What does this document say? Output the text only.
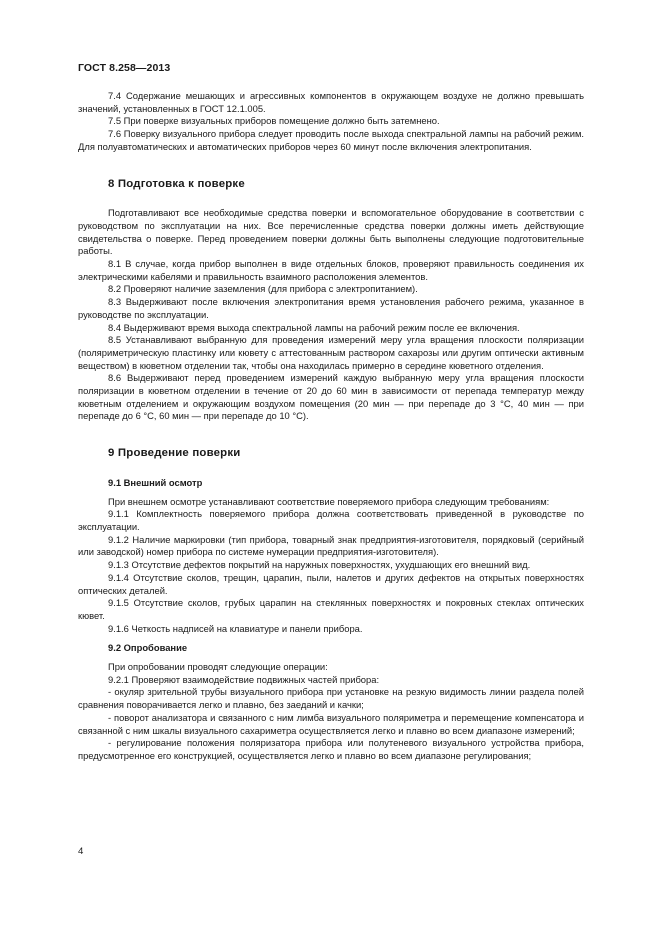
ГОСТ 8.258—2013

7.4 Содержание мешающих и агрессивных компонентов в окружающем воздухе не должно превышать значений, установленных в ГОСТ 12.1.005.

7.5 При поверке визуальных приборов помещение должно быть затемнено.

7.6 Поверку визуального прибора следует проводить после выхода спектральной лампы на рабочий режим. Для полуавтоматических и автоматических приборов через 60 минут после включения электропитания.

8 Подготовка к поверке

Подготавливают все необходимые средства поверки и вспомогательное оборудование в соответствии с руководством по эксплуатации на них. Все перечисленные средства поверки должны иметь действующие свидетельства о поверке. Перед проведением поверки должны быть выполнены следующие подготовительные работы.

8.1 В случае, когда прибор выполнен в виде отдельных блоков, проверяют правильность соединения их электрическими кабелями и правильность взаимного расположения элементов.

8.2 Проверяют наличие заземления (для прибора с электропитанием).

8.3 Выдерживают после включения электропитания время установления рабочего режима, указанное в руководстве по эксплуатации.

8.4 Выдерживают время выхода спектральной лампы на рабочий режим после ее включения.

8.5 Устанавливают выбранную для проведения измерений меру угла вращения плоскости поляризации (поляриметрическую пластинку или кювету с аттестованным раствором сахарозы или другим оптически активным веществом) в кюветном отделении так, чтобы она находилась примерно в середине кюветного отделения.

8.6 Выдерживают перед проведением измерений каждую выбранную меру угла вращения плоскости поляризации в кюветном отделении в течение от 20 до 60 мин в зависимости от перепада температур между кюветным отделением и окружающим воздухом помещения (20 мин — при перепаде до 3 °С, 40 мин — при перепаде до 6 °С, 60 мин — при перепаде до 10 °С).

9 Проведение поверки
9.1 Внешний осмотр

При внешнем осмотре устанавливают соответствие поверяемого прибора следующим требованиям:

9.1.1 Комплектность поверяемого прибора должна соответствовать приведенной в руководстве по эксплуатации.

9.1.2 Наличие маркировки (тип прибора, товарный знак предприятия-изготовителя, порядковый (серийный или заводской) номер прибора по системе нумерации предприятия-изготовителя).

9.1.3 Отсутствие дефектов покрытий на наружных поверхностях, ухудшающих его внешний вид.

9.1.4 Отсутствие сколов, трещин, царапин, пыли, налетов и других дефектов на открытых поверхностях оптических деталей.

9.1.5 Отсутствие сколов, грубых царапин на стеклянных поверхностях и покровных стеклах оптических кювет.

9.1.6 Четкость надписей на клавиатуре и панели прибора.

9.2 Опробование

При опробовании проводят следующие операции:

9.2.1 Проверяют взаимодействие подвижных частей прибора:

- окуляр зрительной трубы визуального прибора при установке на резкую видимость линии раздела полей сравнения поворачивается легко и плавно, без заеданий и качки;

- поворот анализатора и связанного с ним лимба визуального поляриметра и перемещение компенсатора и связанной с ним шкалы визуального сахариметра осуществляется легко и плавно во всем диапазоне измерений;

- регулирование положения поляризатора прибора или полутеневого визуального устройства прибора, предусмотренное его конструкцией, осуществляется легко и плавно во всем диапазоне регулирования;

4
